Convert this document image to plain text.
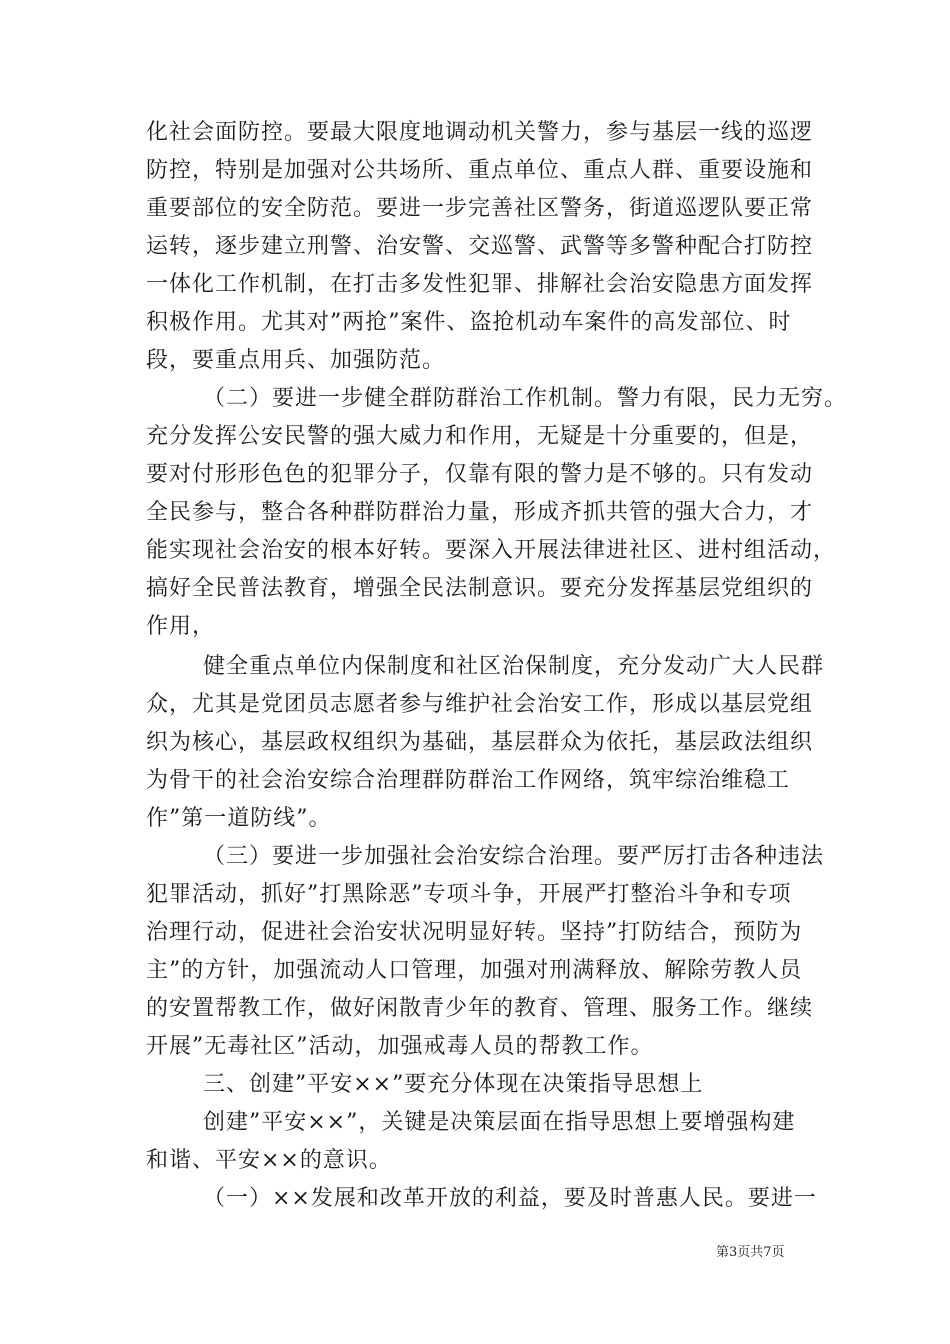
化社会面防控。要最大限度地调动机关警力，参与基层一线的巡逻
防控，特别是加强对公共场所、重点单位、重点人群、重要设施和
重要部位的安全防范。要进一步完善社区警务，街道巡逻队要正常
运转，逐步建立刑警、治安警、交巡警、武警等多警种配合打防控
一体化工作机制，在打击多发性犯罪、排解社会治安隐患方面发挥
积极作用。尤其对”两抢”案件、盗抢机动车案件的高发部位、时
段，要重点用兵、加强防范。
（二）要进一步健全群防群治工作机制。警力有限，民力无穷。
充分发挥公安民警的强大威力和作用，无疑是十分重要的，但是，
要对付形形色色的犯罪分子，仅靠有限的警力是不够的。只有发动
全民参与，整合各种群防群治力量，形成齐抓共管的强大合力，才
能实现社会治安的根本好转。要深入开展法律进社区、进村组活动，
搞好全民普法教育，增强全民法制意识。要充分发挥基层党组织的
作用，
健全重点单位内保制度和社区治保制度，充分发动广大人民群
众，尤其是党团员志愿者参与维护社会治安工作，形成以基层党组
织为核心，基层政权组织为基础，基层群众为依托，基层政法组织
为骨干的社会治安综合治理群防群治工作网络，筑牢综治维稳工
作”第一道防线”。
（三）要进一步加强社会治安综合治理。要严厉打击各种违法
犯罪活动，抓好”打黑除恶”专项斗争，开展严打整治斗争和专项
治理行动，促进社会治安状况明显好转。坚持”打防结合，预防为
主”的方针，加强流动人口管理，加强对刑满释放、解除劳教人员
的安置帮教工作，做好闲散青少年的教育、管理、服务工作。继续
开展”无毒社区”活动，加强戒毒人员的帮教工作。
三、创建”平安××”要充分体现在决策指导思想上
创建”平安××”，关键是决策层面在指导思想上要增强构建
和谐、平安××的意识。
（一）××发展和改革开放的利益，要及时普惠人民。要进一
第3页共7页
